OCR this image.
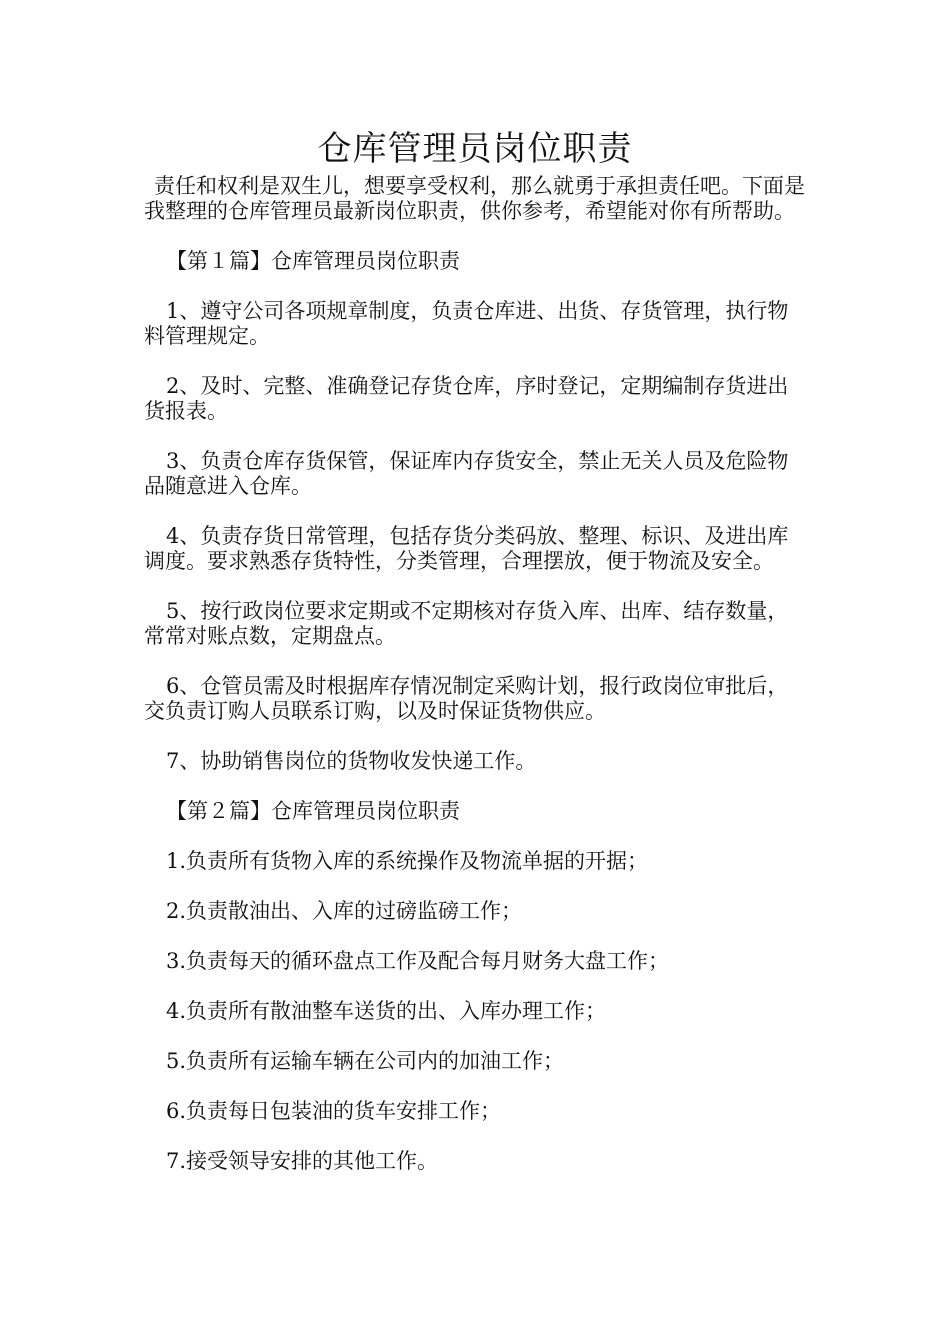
仓库管理员岗位职责

责任和权利是双生儿，想要享受权利，那么就勇于承担责任吧。下面是我整理的仓库管理员最新岗位职责，供你参考，希望能对你有所帮助。

【第１篇】仓库管理员岗位职责

1、遵守公司各项规章制度，负责仓库进、出货、存货管理，执行物料管理规定。

2、及时、完整、准确登记存货仓库，序时登记，定期编制存货进出货报表。

3、负责仓库存货保管，保证库内存货安全，禁止无关人员及危险物品随意进入仓库。

4、负责存货日常管理，包括存货分类码放、整理、标识、及进出库调度。要求熟悉存货特性，分类管理，合理摆放，便于物流及安全。

5、按行政岗位要求定期或不定期核对存货入库、出库、结存数量，常常对账点数，定期盘点。

6、仓管员需及时根据库存情况制定采购计划，报行政岗位审批后，交负责订购人员联系订购，以及时保证货物供应。

7、协助销售岗位的货物收发快递工作。

【第２篇】仓库管理员岗位职责

1.负责所有货物入库的系统操作及物流单据的开据；

2.负责散油出、入库的过磅监磅工作；

3.负责每天的循环盘点工作及配合每月财务大盘工作；

4.负责所有散油整车送货的出、入库办理工作；

5.负责所有运输车辆在公司内的加油工作；

6.负责每日包装油的货车安排工作；

7.接受领导安排的其他工作。
